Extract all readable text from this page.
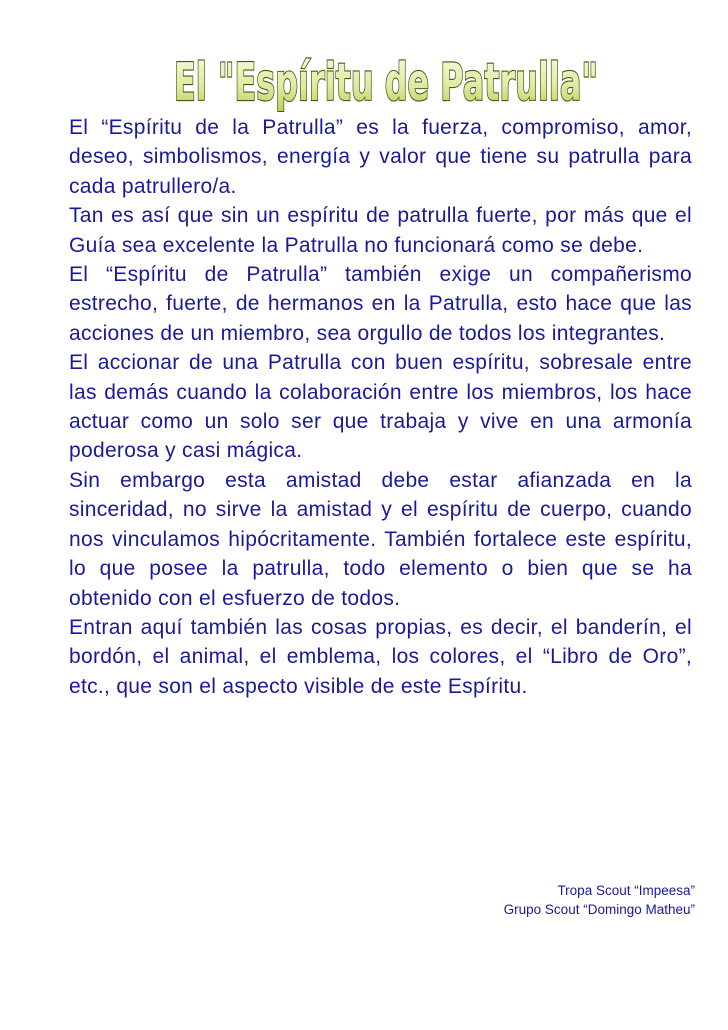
El "Espíritu de Patrulla"

El “Espíritu de la Patrulla” es la fuerza, compromiso, amor, deseo, simbolismos, energía y valor que tiene su patrulla para cada patrullero/a.

Tan es así que sin un espíritu de patrulla fuerte, por más que el Guía sea excelente la Patrulla no funcionará como se debe.

El “Espíritu de Patrulla” también exige un compañerismo estrecho, fuerte, de hermanos en la Patrulla, esto hace que las acciones de un miembro, sea orgullo de todos los integrantes.

El accionar de una Patrulla con buen espíritu, sobresale entre las demás cuando la colaboración entre los miembros, los hace actuar como un solo ser que trabaja y vive en una armonía poderosa y casi mágica.

Sin embargo esta amistad debe estar afianzada en la sinceridad, no sirve la amistad y el espíritu de cuerpo, cuando nos vinculamos hipócritamente. También fortalece este espíritu, lo que posee la patrulla, todo elemento o bien que se ha obtenido con el esfuerzo de todos.

Entran aquí también las cosas propias, es decir, el banderín, el bordón, el animal, el emblema, los colores, el “Libro de Oro”, etc., que son el aspecto visible de este Espíritu.

Tropa Scout “Impeesa”
Grupo Scout “Domingo Matheu”
